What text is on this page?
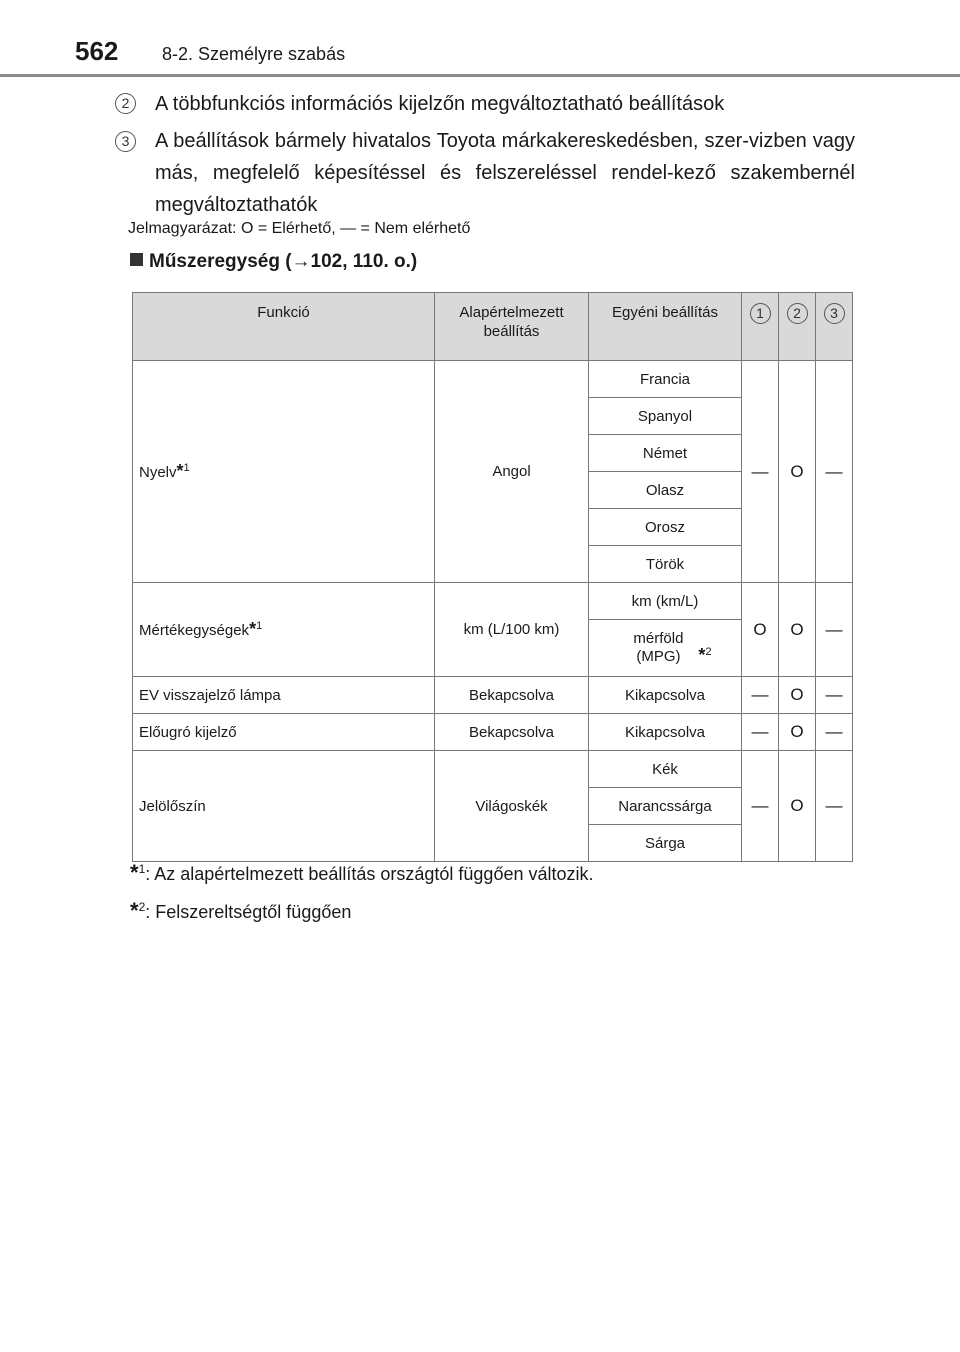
562 8-2. Személyre szabás
2	A többfunkciós információs kijelzőn megváltoztatható beállítások
3	A beállítások bármely hivatalos Toyota márkakereskedésben, szer-vizben vagy más, megfelelő képesítéssel és felszereléssel rendel-kező szakembernél megváltoztathatók
Jelmagyarázat: O = Elérhető, — = Nem elérhető
Műszeregység (→102, 110. o.)
Funkció	Alapértelmezett beállítás	Egyéni beállítás	1	2	3
Nyelv*$^1$	Angol	Francia	—	O	—
		Spanyol			
		Német			
		Olasz			
		Orosz			
		Török			
Mértékegységek*$^1$	km (L/100 km)	km (km/L)	O	O	—
		mérföld (MPG) *$^2$
EV visszajelző lámpa	Bekapcsolva	Kikapcsolva	—	O	—
Előugró kijelző	Bekapcsolva	Kikapcsolva	—	O	—
Jelölőszín	Világoskék	Kék	—	O	—
		Narancssárga			
		Sárga			
*$^1$: Az alapértelmezett beállítás országtól függően változik.
*$^2$: Felszereltségtől függően
